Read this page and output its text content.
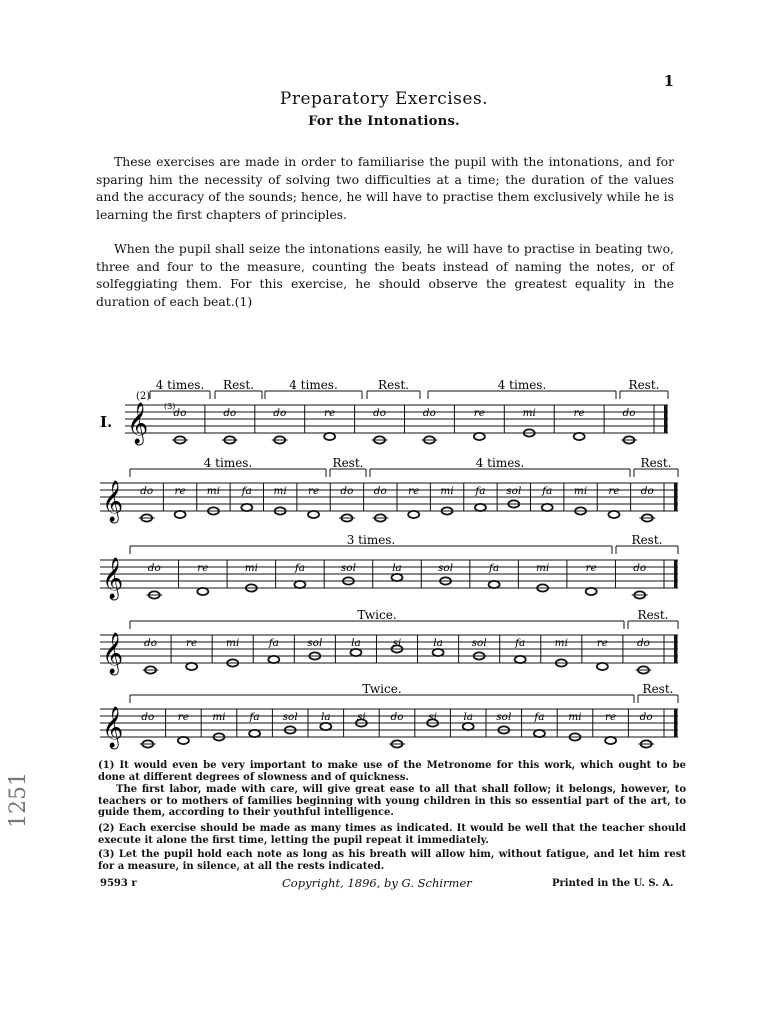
1
Preparatory Exercises.
For the Intonations.
These exercises are made in order to familiarise the pupil with the intonations, and for sparing him the necessity of solving two difficulties at a time; the duration of the values and the accuracy of the sounds; hence, he will have to practise them exclusively while he is learning the first chapters of principles.
When the pupil shall seize the intonations easily, he will have to practise in beating two, three and four to the measure, counting the beats instead of naming the notes, or of solfeggiating them. For this exercise, he should observe the greatest equality in the duration of each beat.(1)
I.
(2)
(3)
𝄞
4 times. Rest.	4 times.	Rest.	4 times.	Rest.
do	do	do	re	do	do	re	mi	re	do
𝄞
4 times.	Rest.	4 times.	Rest.
do re mi fa mi re do do re mi fa sol fa mi re do
𝄞
3 times.	Rest.
do	re	mi	fa	sol	la	sol	fa	mi	re	do
𝄞
Twice.	Rest.
do	re	mi	fa	sol	la	si	la	sol	fa	mi	re	do
𝄞
Twice.	Rest.
do re mi fa sol la	si do si	la sol fa mi re do
(1) It would even be very important to make use of the Metronome for this work, which ought to be done at different degrees of slowness and of quickness.
The first labor, made with care, will give great ease to all that shall follow; it belongs, however, to teachers or to mothers of families beginning with young children in this so essential part of the art, to guide them, according to their youthful intelligence.
(2) Each exercise should be made as many times as indicated. It would be well that the teacher should execute it alone the first time, letting the pupil repeat it immediately.
(3) Let the pupil hold each note as long as his breath will allow him, without fatigue, and let him rest for a measure, in silence, at all the rests indicated.
9593 r	Copyright, 1896, by G. Schirmer	Printed in the U. S. A.
1251
